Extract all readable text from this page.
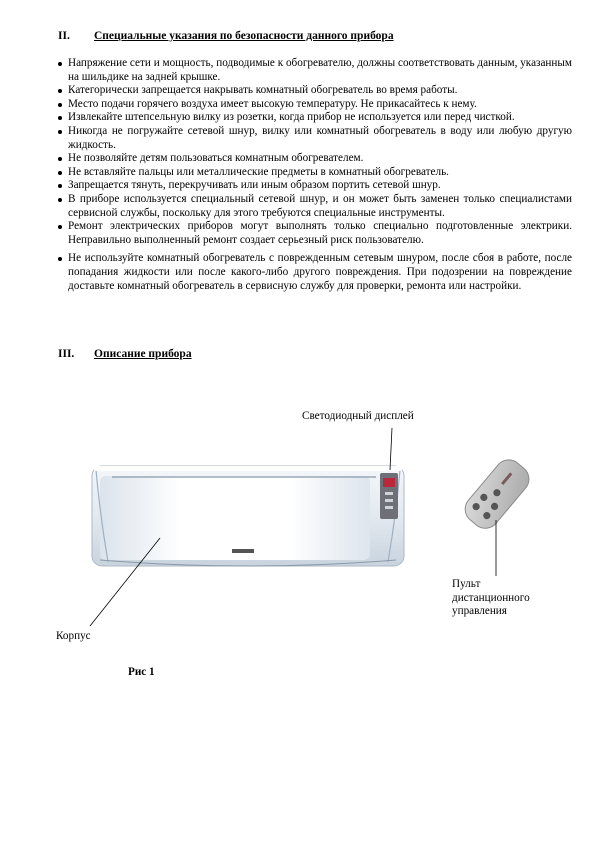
II. Специальные указания по безопасности данного прибора
Напряжение сети и мощность, подводимые к обогревателю, должны соответствовать данным, указанным на шильдике на задней крышке.
Категорически запрещается накрывать комнатный обогреватель во время работы.
Место подачи горячего воздуха имеет высокую температуру. Не прикасайтесь к нему.
Извлекайте штепсельную вилку из розетки, когда прибор не используется или перед чисткой.
Никогда не погружайте сетевой шнур, вилку или комнатный обогреватель в воду или любую другую жидкость.
Не позволяйте детям пользоваться комнатным обогревателем.
Не вставляйте пальцы или металлические предметы в комнатный обогреватель.
Запрещается тянуть, перекручивать или иным образом портить сетевой шнур.
В приборе используется специальный сетевой шнур, и он может быть заменен только специалистами сервисной службы, поскольку для этого требуются специальные инструменты.
Ремонт электрических приборов могут выполнять только специально подготовленные электрики. Неправильно выполненный ремонт создает серьезный риск пользователю.
Не используйте комнатный обогреватель с поврежденным сетевым шнуром, после сбоя в работе, после попадания жидкости или после какого-либо другого повреждения. При подозрении на повреждение доставьте комнатный обогреватель в сервисную службу для проверки, ремонта или настройки.
III. Описание прибора
Светодиодный дисплей
Пульт дистанционного управления
Корпус
Рис 1
